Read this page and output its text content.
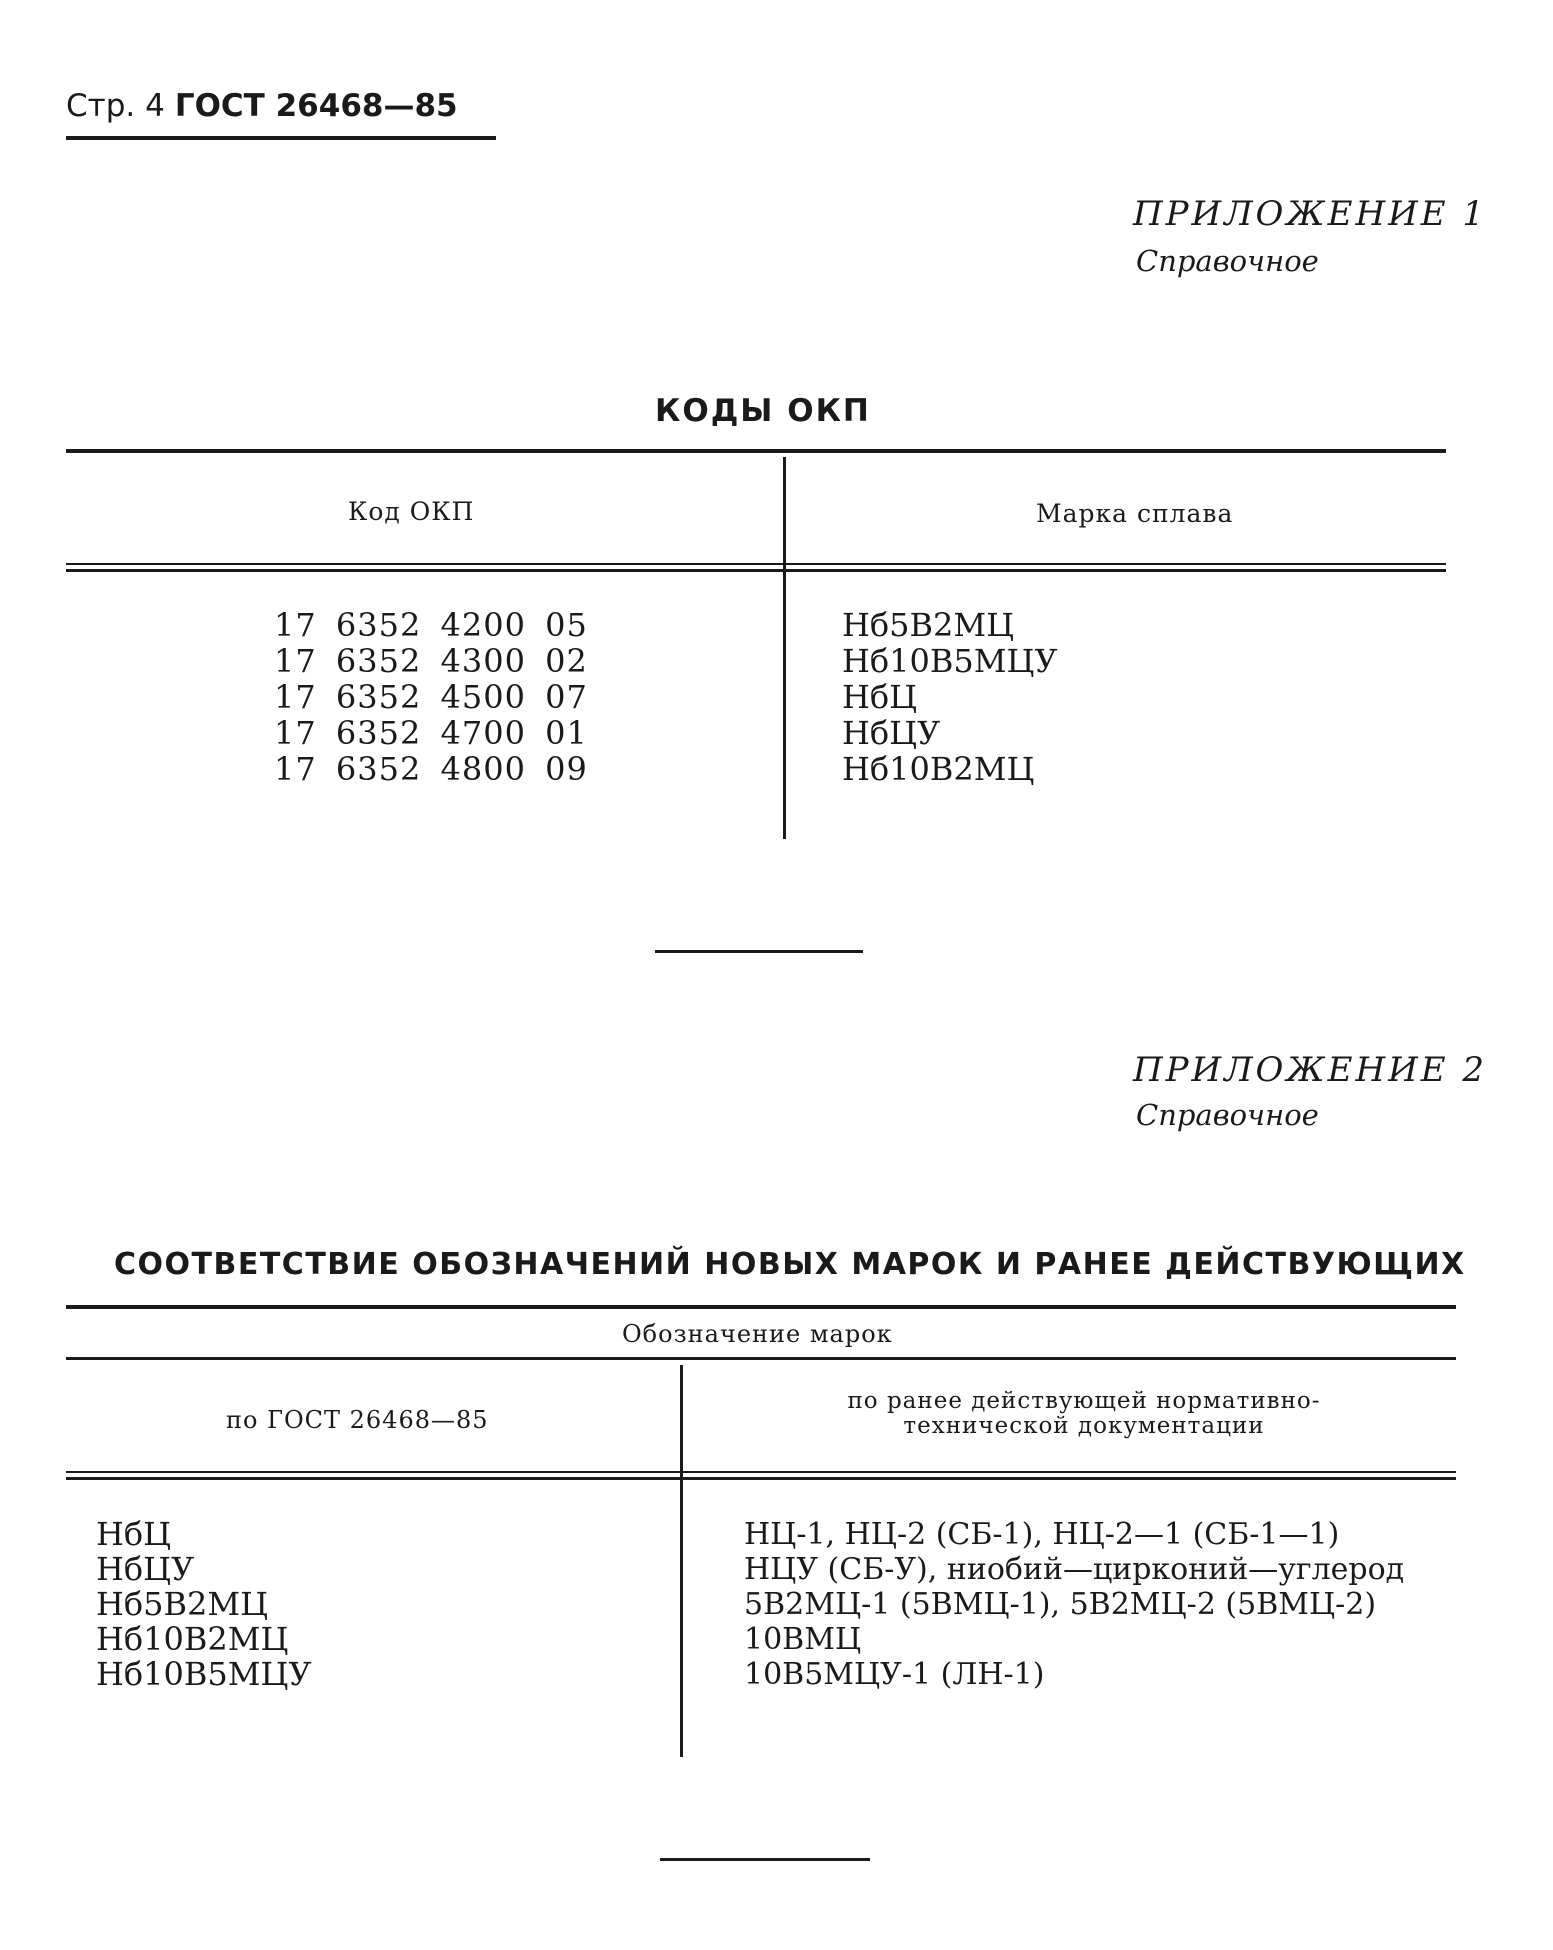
Стр. 4 ГОСТ 26468—85
ПРИЛОЖЕНИЕ 1
Справочное
КОДЫ ОКП
Код ОКП	Марка сплава
17 6352 4200 05
17 6352 4300 02
17 6352 4500 07
17 6352 4700 01
17 6352 4800 09
Нб5В2МЦ
Нб10В5МЦУ
НбЦ
НбЦУ
Нб10В2МЦ
ПРИЛОЖЕНИЕ 2
Справочное
СООТВЕТСТВИЕ ОБОЗНАЧЕНИЙ НОВЫХ МАРОК И РАНЕЕ ДЕЙСТВУЮЩИХ
Обозначение марок
по ГОСТ 26468—85
по ранее действующей нормативно-
технической документации
НбЦ
НбЦУ
Нб5В2МЦ
Нб10В2МЦ
Нб10В5МЦУ
НЦ-1, НЦ-2 (СБ-1), НЦ-2—1 (СБ-1—1)
НЦУ (СБ-У), ниобий—цирконий—углерод
5В2МЦ-1 (5ВМЦ-1), 5В2МЦ-2 (5ВМЦ-2)
10ВМЦ
10В5МЦУ-1 (ЛН-1)
